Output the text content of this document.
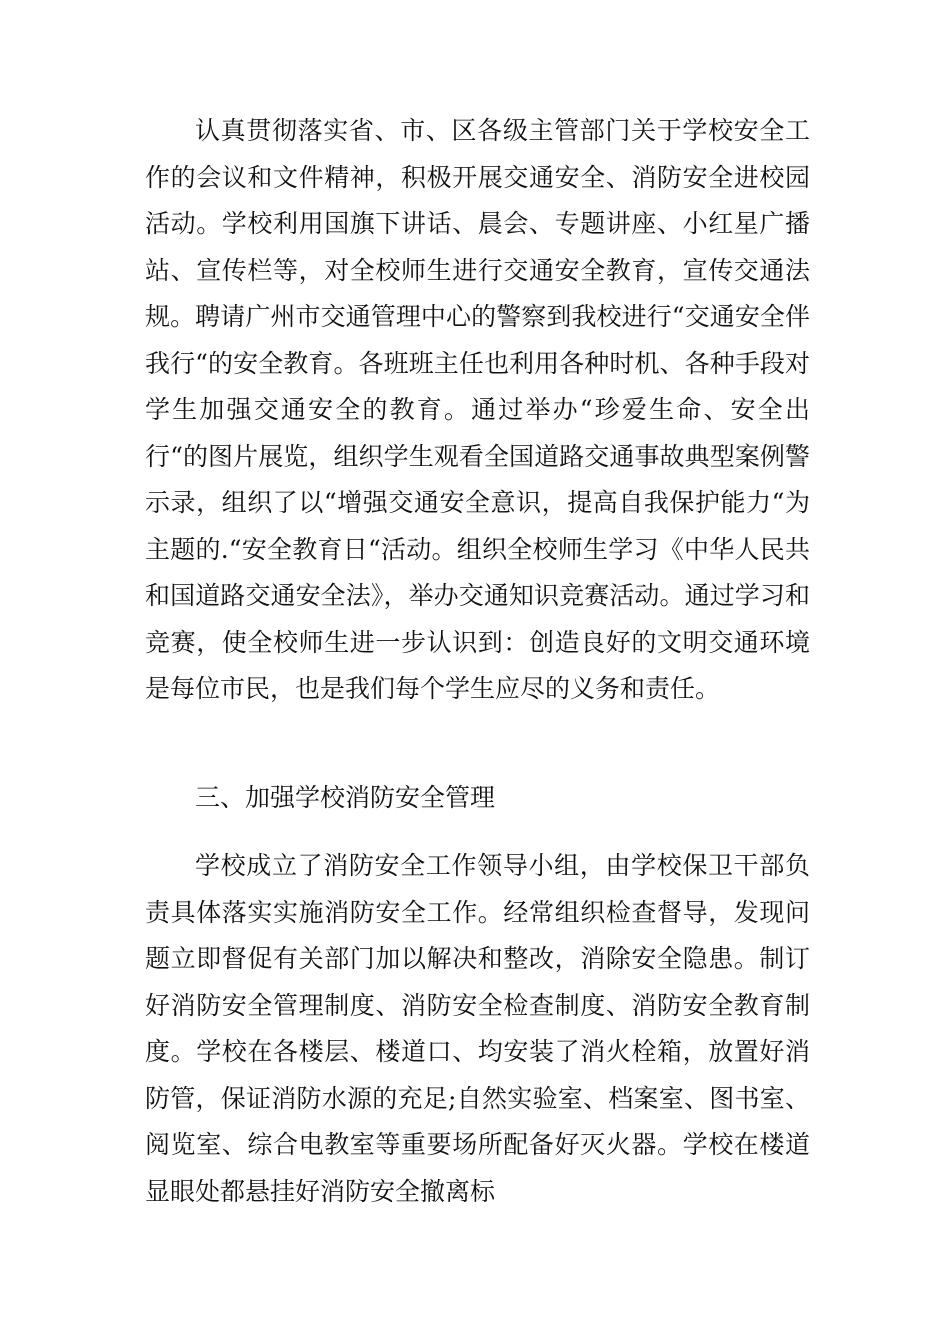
认真贯彻落实省、市、区各级主管部门关于学校安全工作的会议和文件精神，积极开展交通安全、消防安全进校园活动。学校利用国旗下讲话、晨会、专题讲座、小红星广播站、宣传栏等，对全校师生进行交通安全教育，宣传交通法规。聘请广州市交通管理中心的警察到我校进行“交通安全伴我行“的安全教育。各班班主任也利用各种时机、各种手段对学生加强交通安全的教育。通过举办“珍爱生命、安全出行“的图片展览，组织学生观看全国道路交通事故典型案例警示录，组织了以“增强交通安全意识，提高自我保护能力“为主题的.“安全教育日“活动。组织全校师生学习《中华人民共和国道路交通安全法》，举办交通知识竞赛活动。通过学习和竞赛，使全校师生进一步认识到：创造良好的文明交通环境是每位市民，也是我们每个学生应尽的义务和责任。

三、加强学校消防安全管理

学校成立了消防安全工作领导小组，由学校保卫干部负责具体落实实施消防安全工作。经常组织检查督导，发现问题立即督促有关部门加以解决和整改，消除安全隐患。制订好消防安全管理制度、消防安全检查制度、消防安全教育制度。学校在各楼层、楼道口、均安装了消火栓箱，放置好消防管，保证消防水源的充足;自然实验室、档案室、图书室、阅览室、综合电教室等重要场所配备好灭火器。学校在楼道显眼处都悬挂好消防安全撤离标
